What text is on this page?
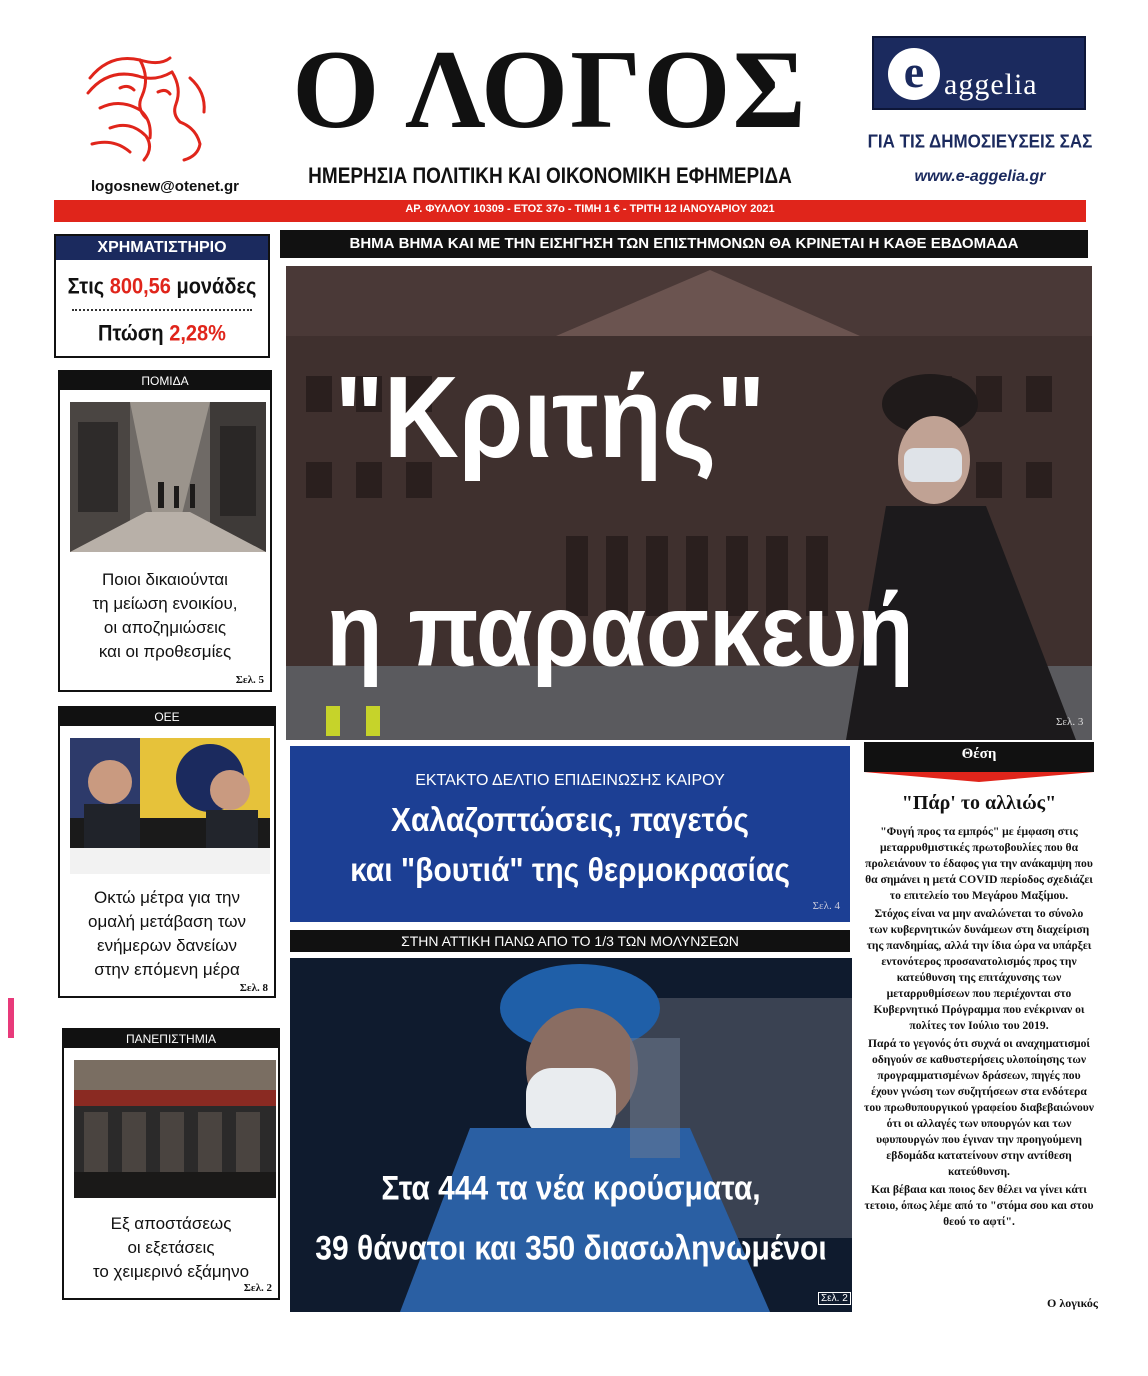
logosnew@otenet.gr
Ο ΛΟΓΟΣ
ΗΜΕΡΗΣΙΑ ΠΟΛΙΤΙΚΗ ΚΑΙ ΟΙΚΟΝΟΜΙΚΗ ΕΦΗΜΕΡΙΔΑ
e aggelia
ΓΙΑ ΤΙΣ ΔΗΜΟΣΙΕΥΣΕΙΣ ΣΑΣ
www.e-aggelia.gr
ΑΡ. ΦΥΛΛΟΥ 10309 - ΕΤΟΣ 37ο - ΤΙΜΗ 1 € - ΤΡΙΤΗ 12 ΙΑΝΟΥΑΡΙΟΥ 2021
ΧΡΗΜΑΤΙΣΤΗΡΙΟ
Στις 800,56 μονάδες
Πτώση 2,28%
ΠΟΜΙΔΑ
Ποιοι δικαιούνται
τη μείωση ενοικίου,
οι αποζημιώσεις
και οι προθεσμίες
Σελ. 5
ΟΕΕ
Οκτώ μέτρα για την
ομαλή μετάβαση των
ενήμερων δανείων
στην επόμενη μέρα
Σελ. 8
ΠΑΝΕΠΙΣΤΗΜΙΑ
Εξ αποστάσεως
οι εξετάσεις
το χειμερινό εξάμηνο
Σελ. 2
ΒΗΜΑ ΒΗΜΑ ΚΑΙ ΜΕ ΤΗΝ ΕΙΣΗΓΗΣΗ ΤΩΝ ΕΠΙΣΤΗΜΟΝΩΝ ΘΑ ΚΡΙΝΕΤΑΙ Η ΚΑΘΕ ΕΒΔΟΜΑΔΑ
"Κριτής"
η παρασκευή
Σελ. 3
ΕΚΤΑΚΤΟ ΔΕΛΤΙΟ ΕΠΙΔΕΙΝΩΣΗΣ ΚΑΙΡΟΥ
Χαλαζοπτώσεις, παγετός
και "βουτιά" της θερμοκρασίας
Σελ. 4
ΣΤΗΝ ΑΤΤΙΚΗ ΠΑΝΩ ΑΠΟ ΤΟ 1/3 ΤΩΝ ΜΟΛΥΝΣΕΩΝ
Στα 444 τα νέα κρούσματα,
39 θάνατοι και 350 διασωληνωμένοι
Σελ. 2
Θέση
"Πάρ' το αλλιώς"

"Φυγή προς τα εμπρός" με έμφαση στις μεταρρυθμιστικές πρωτοβουλίες που θα προλειάνουν το έδαφος για την ανάκαμψη που θα σημάνει η μετά COVID περίοδος σχεδιάζει το επιτελείο του Μεγάρου Μαξίμου.

Στόχος είναι να μην αναλώνεται το σύνολο των κυβερνητικών δυνάμεων στη διαχείριση της πανδημίας, αλλά την ίδια ώρα να υπάρξει εντονότερος προσανατολισμός προς την κατεύθυνση της επιτάχυνσης των μεταρρυθμίσεων που περιέχονται στο Κυβερνητικό Πρόγραμμα που ενέκριναν οι πολίτες τον Ιούλιο του 2019.

Παρά το γεγονός ότι συχνά οι αναχηματισμοί οδηγούν σε καθυστερήσεις υλοποίησης των προγραμματισμένων δράσεων, πηγές που έχουν γνώση των συζητήσεων στα ενδότερα του πρωθυπουργικού γραφείου διαβεβαιώνουν ότι οι αλλαγές των υπουργών και των υφυπουργών που έγιναν την προηγούμενη εβδομάδα κατατείνουν στην αντίθεση κατεύθυνση.

Και βέβαια και ποιος δεν θέλει να γίνει κάτι τετοιο, όπως λέμε από το "στόμα σου και στου θεού το αφτί".

Ο λογικός
